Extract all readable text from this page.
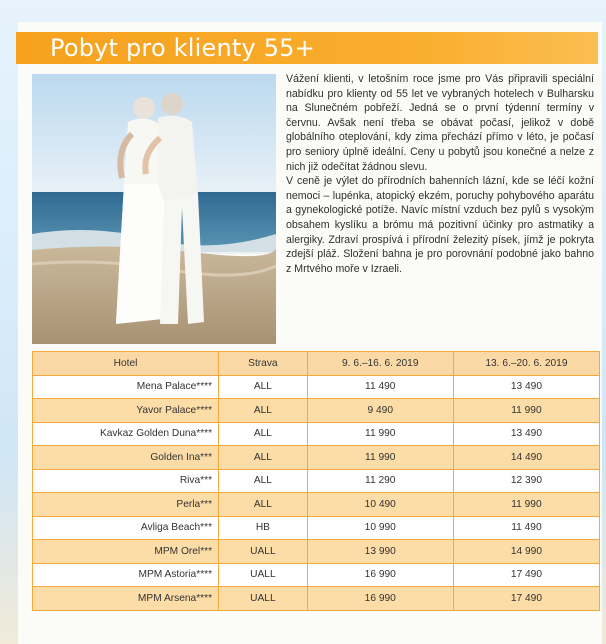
Pobyt pro klienty 55+

Vážení klienti, v letošním roce jsme pro Vás připravili speciální nabídku pro klienty od 55 let ve vybraných hotelech v Bulharsku na Slunečném pobřeží. Jedná se o první týdenní termíny v červnu. Avšak není třeba se obávat počasí, jelikož v době globálního oteplování, kdy zima přechází přímo v léto, je počasí pro seniory úplně ideální. Ceny u pobytů jsou konečné a nelze z nich již odečítat žádnou slevu.

V ceně je výlet do přírodních bahenních lázní, kde se léčí kožní nemoci – lupénka, atopický ekzém, poruchy pohybového aparátu a gynekologické potíže. Navíc místní vzduch bez pylů s vysokým obsahem kyslíku a brómu má pozitivní účinky pro astmatiky a alergiky. Zdraví prospívá i přírodní železitý písek, jímž je pokryta zdejší pláž. Složení bahna je pro porovnání podobné jako bahno z Mrtvého moře v Izraeli.

Hotel	Strava	9. 6.–16. 6. 2019	13. 6.–20. 6. 2019
Mena Palace****	ALL	11 490	13 490
Yavor Palace****	ALL	9 490	11 990
Kavkaz Golden Duna****	ALL	11 990	13 490
Golden Ina***	ALL	11 990	14 490
Riva***	ALL	11 290	12 390
Perla***	ALL	10 490	11 990
Avliga Beach***	HB	10 990	11 490
MPM Orel***	UALL	13 990	14 990
MPM Astoria****	UALL	16 990	17 490
MPM Arsena****	UALL	16 990	17 490
